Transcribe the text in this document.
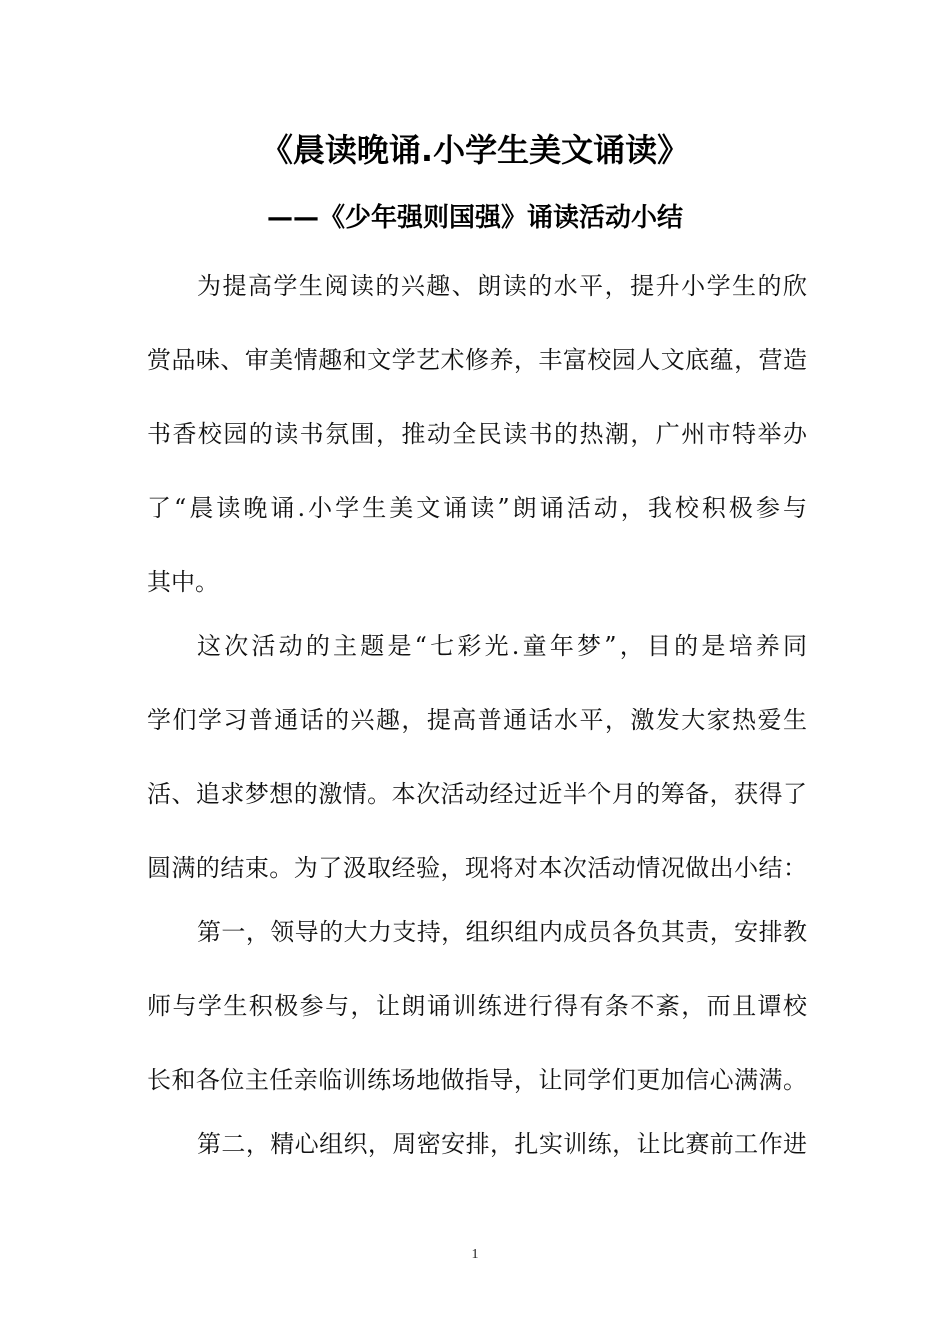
《晨读晚诵.小学生美文诵读》
——《少年强则国强》诵读活动小结
为提高学生阅读的兴趣、朗读的水平，提升小学生的欣
赏品味、审美情趣和文学艺术修养，丰富校园人文底蕴，营造
书香校园的读书氛围，推动全民读书的热潮，广州市特举办
了“晨读晚诵.小学生美文诵读”朗诵活动，我校积极参与
其中。
这次活动的主题是“七彩光.童年梦”，目的是培养同
学们学习普通话的兴趣，提高普通话水平，激发大家热爱生
活、追求梦想的激情。本次活动经过近半个月的筹备，获得了
圆满的结束。为了汲取经验，现将对本次活动情况做出小结：
第一，领导的大力支持，组织组内成员各负其责，安排教
师与学生积极参与，让朗诵训练进行得有条不紊，而且谭校
长和各位主任亲临训练场地做指导，让同学们更加信心满满。
第二，精心组织，周密安排，扎实训练，让比赛前工作进
1
